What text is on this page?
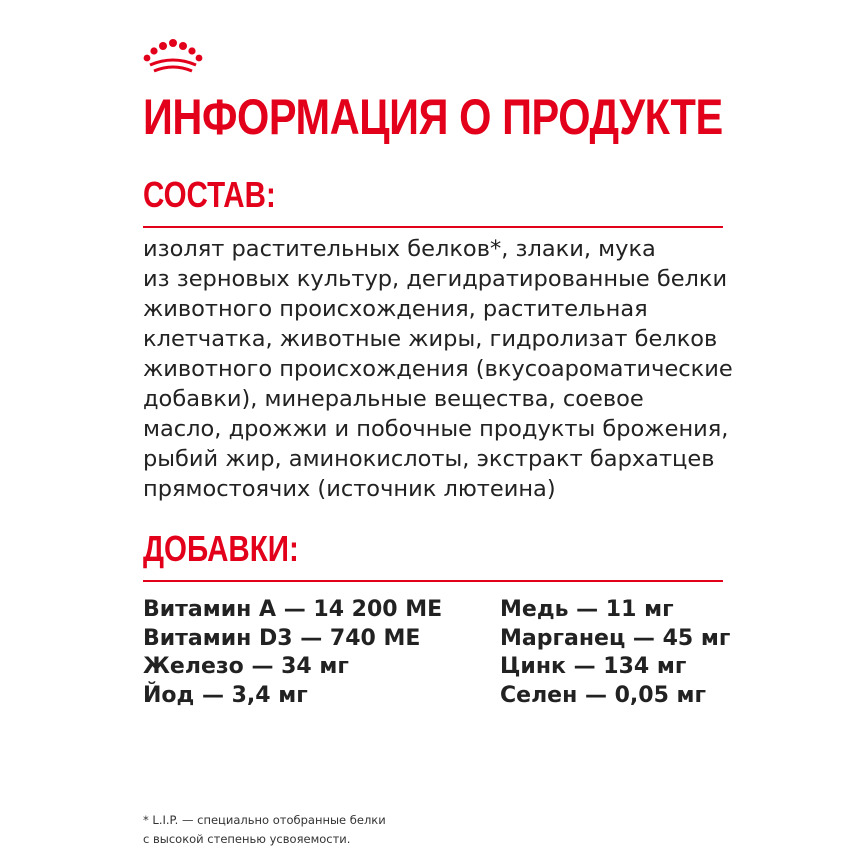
ИНФОРМАЦИЯ О ПРОДУКТЕ
СОСТАВ:
изолят растительных белков*, злаки, мука
из зерновых культур, дегидратированные белки
животного происхождения, растительная
клетчатка, животные жиры, гидролизат белков
животного происхождения (вкусоароматические
добавки), минеральные вещества, соевое
масло, дрожжи и побочные продукты брожения,
рыбий жир, аминокислоты, экстракт бархатцев
прямостоячих (источник лютеина)
ДОБАВКИ:
Витамин А — 14 200 МЕ
Витамин D3 — 740 МЕ
Железо — 34 мг
Йод — 3,4 мг
Медь — 11 мг
Марганец — 45 мг
Цинк — 134 мг
Селен — 0,05 мг
* L.I.P. — специально отобранные белки
с высокой степенью усвояемости.
